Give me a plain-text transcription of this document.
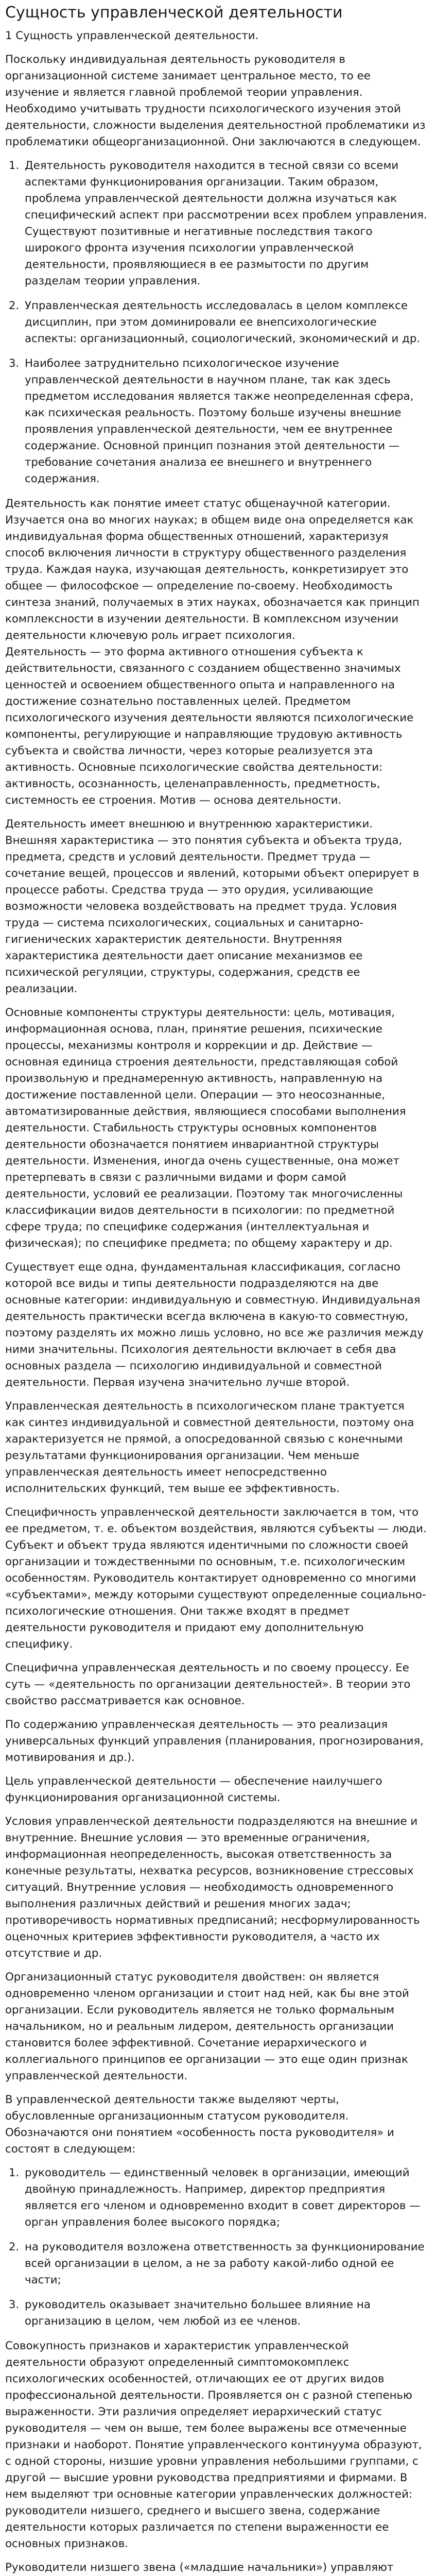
Сущность управленческой деятельности

1 Сущность управленческой деятельности.

Поскольку индивидуальная деятельность руководителя в организационной системе занимает центральное место, то ее изучение и является главной проблемой теории управления. Необходимо учитывать трудности психологического изучения этой деятельности, сложности выделения деятельностной проблематики из проблематики общеорганизационной. Они заключаются в следующем.

1. Деятельность руководителя находится в тесной связи со всеми аспектами функционирования организации. Таким образом, проблема управленческой деятельности должна изучаться как специфический аспект при рассмотрении всех проблем управления. Существуют позитивные и негативные последствия такого широкого фронта изучения психологии управленческой деятельности, проявляющиеся в ее размытости по другим разделам теории управления.
2. Управленческая деятельность исследовалась в целом комплексе дисциплин, при этом доминировали ее внепсихологические аспекты: организационный, социологический, экономический и др.
3. Наиболее затруднительно психологическое изучение управленческой деятельности в научном плане, так как здесь предметом исследования является также неопределенная сфера, как психическая реальность. Поэтому больше изучены внешние проявления управленческой деятельности, чем ее внутреннее содержание. Основной принцип познания этой деятельности — требование сочетания анализа ее внешнего и внутреннего содержания.

Деятельность как понятие имеет статус общенаучной категории. Изучается она во многих науках; в общем виде она определяется как индивидуальная форма общественных отношений, характеризуя способ включения личности в структуру общественного разделения труда. Каждая наука, изучающая деятельность, конкретизирует это общее — философское — определение по-своему. Необходимость синтеза знаний, получаемых в этих науках, обозначается как принцип комплексности в изучении деятельности. В комплексном изучении деятельности ключевую роль играет психология.

Деятельность — это форма активного отношения субъекта к действительности, связанного с созданием общественно значимых ценностей и освоением общественного опыта и направленного на достижение сознательно поставленных целей. Предметом психологического изучения деятельности являются психологические компоненты, регулирующие и направляющие трудовую активность субъекта и свойства личности, через которые реализуется эта активность. Основные психологические свойства деятельности: активность, осознанность, целенаправленность, предметность, системность ее строения. Мотив — основа деятельности.

Деятельность имеет внешнюю и внутреннюю характеристики. Внешняя характеристика — это понятия субъекта и объекта труда, предмета, средств и условий деятельности. Предмет труда — сочетание вещей, процессов и явлений, которыми объект оперирует в процессе работы. Средства труда — это орудия, усиливающие возможности человека воздействовать на предмет труда. Условия труда — система психологических, социальных и санитарно-гигиенических характеристик деятельности. Внутренняя характеристика деятельности дает описание механизмов ее психической регуляции, структуры, содержания, средств ее реализации.

Основные компоненты структуры деятельности: цель, мотивация, информационная основа, план, принятие решения, психические процессы, механизмы контроля и коррекции и др. Действие — основная единица строения деятельности, представляющая собой произвольную и преднамеренную активность, направленную на достижение поставленной цели. Операции — это неосознанные, автоматизированные действия, являющиеся способами выполнения деятельности. Стабильность структуры основных компонентов деятельности обозначается понятием инвариантной структуры деятельности. Изменения, иногда очень существенные, она может претерпевать в связи с различными видами и форм самой деятельности, условий ее реализации. Поэтому так многочисленны классификации видов деятельности в психологии: по предметной сфере труда; по специфике содержания (интеллектуальная и физическая); по специфике предмета; по общему характеру и др.

Существует еще одна, фундаментальная классификация, согласно которой все виды и типы деятельности подразделяются на две основные категории: индивидуальную и совместную. Индивидуальная деятельность практически всегда включена в какую-то совместную, поэтому разделять их можно лишь условно, но все же различия между ними значительны. Психология деятельности включает в себя два основных раздела — психологию индивидуальной и совместной деятельности. Первая изучена значительно лучше второй.

Управленческая деятельность в психологическом плане трактуется как синтез индивидуальной и совместной деятельности, поэтому она характеризуется не прямой, а опосредованной связью с конечными результатами функционирования организации. Чем меньше управленческая деятельность имеет непосредственно исполнительских функций, тем выше ее эффективность.

Специфичность управленческой деятельности заключается в том, что ее предметом, т. е. объектом воздействия, являются субъекты — люди. Субъект и объект труда являются идентичными по сложности своей организации и тождественными по основным, т.е. психологическим особенностям. Руководитель контактирует одновременно со многими «субъектами», между которыми существуют определенные социально-психологические отношения. Они также входят в предмет деятельности руководителя и придают ему дополнительную специфику.

Специфична управленческая деятельность и по своему процессу. Ее суть — «деятельность по организации деятельностей». В теории это свойство рассматривается как основное.

По содержанию управленческая деятельность — это реализация универсальных функций управления (планирования, прогнозирования, мотивирования и др.).

Цель управленческой деятельности — обеспечение наилучшего функционирования организационной системы.

Условия управленческой деятельности подразделяются на внешние и внутренние. Внешние условия — это временные ограничения, информационная неопределенность, высокая ответственность за конечные результаты, нехватка ресурсов, возникновение стрессовых ситуаций. Внутренние условия — необходимость одновременного выполнения различных действий и решения многих задач; противоречивость нормативных предписаний; несформулированность оценочных критериев эффективности руководителя, а часто их отсутствие и др.

Организационный статус руководителя двойствен: он является одновременно членом организации и стоит над ней, как бы вне этой организации. Если руководитель является не только формальным начальником, но и реальным лидером, деятельность организации становится более эффективной. Сочетание иерархического и коллегиального принципов ее организации — это еще один признак управленческой деятельности.

В управленческой деятельности также выделяют черты, обусловленные организационным статусом руководителя. Обозначаются они понятием «особенность поста руководителя» и состоят в следующем:

1. руководитель — единственный человек в организации, имеющий двойную принадлежность. Например, директор предприятия является его членом и одновременно входит в совет директоров — орган управления более высокого порядка;
2. на руководителя возложена ответственность за функционирование всей организации в целом, а не за работу какой-либо одной ее части;
3. руководитель оказывает значительно большее влияние на организацию в целом, чем любой из ее членов.

Совокупность признаков и характеристик управленческой деятельности образуют определенный симптомокомплекс психологических особенностей, отличающих ее от других видов профессиональной деятельности. Проявляется он с разной степенью выраженности. Эти различия определяет иерархический статус руководителя — чем он выше, тем более выражены все отмеченные признаки и наоборот. Понятие управленческого континуума образуют, с одной стороны, низшие уровни управления небольшими группами, с другой — высшие уровни руководства предприятиями и фирмами. В нем выделяют три основные категории управленческих должностей: руководители низшего, среднего и высшего звена, содержание деятельности которых различается по степени выраженности ее основных признаков.

Руководители низшего звена («младшие начальники») управляют
